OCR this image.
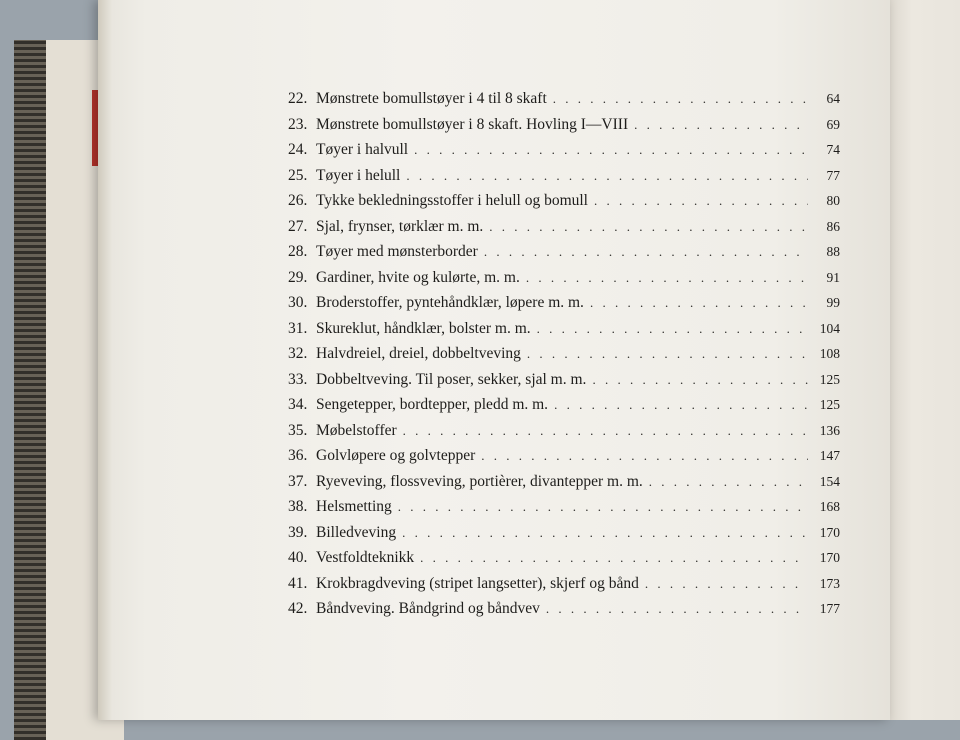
22. Mønstrete bomullstøyer i 4 til 8 skaft . . .	64
23. Mønstrete bomullstøyer i 8 skaft. Hovling I—VIII . . .	69
24. Tøyer i halvull . . .	74
25. Tøyer i helull . . .	77
26. Tykke bekledningsstoffer i helull og bomull . . .	80
27. Sjal, frynser, tørklær m. m. . . .	86
28. Tøyer med mønsterborder . . .	88
29. Gardiner, hvite og kulørte, m. m. . . .	91
30. Broderstoffer, pyntehåndklær, løpere m. m. . . .	99
31. Skureklut, håndklær, bolster m. m. . . .	104
32. Halvdreiel, dreiel, dobbeltveving . . .	108
33. Dobbeltveving. Til poser, sekker, sjal m. m. . . .	125
34. Sengetepper, bordtepper, pledd m. m. . . .	125
35. Møbelstoffer . . .	136
36. Golvløpere og golvtepper . . .	147
37. Ryeveving, flossveving, portièrer, divantepper m. m. . . .	154
38. Helsmetting . . .	168
39. Billedveving . . .	170
40. Vestfoldteknikk . . .	170
41. Krokbragdveving (stripet langsetter), skjerf og bånd . . .	173
42. Båndveving. Båndgrind og båndvev . . .	177
